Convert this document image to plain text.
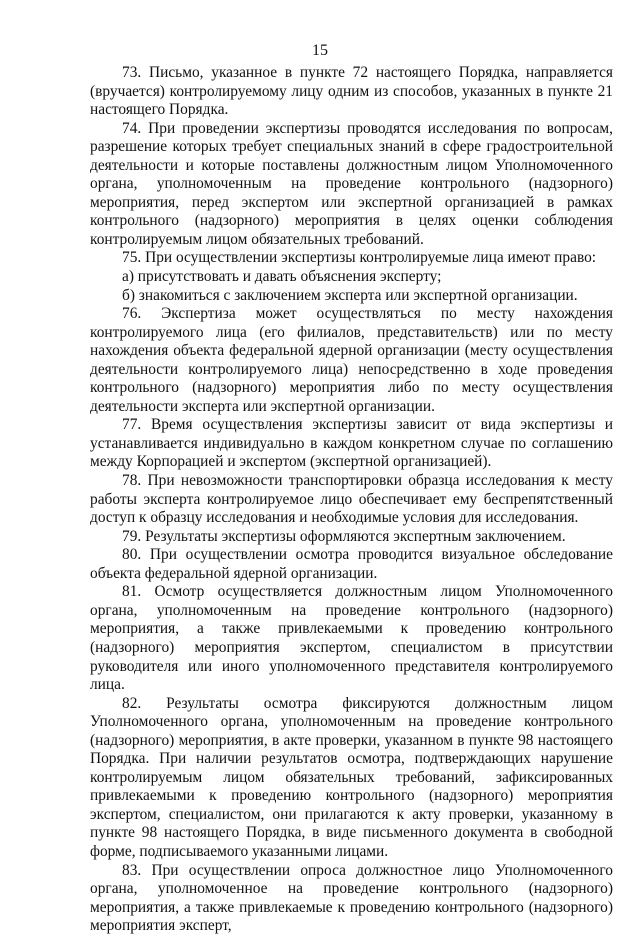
15

73. Письмо, указанное в пункте 72 настоящего Порядка, направляется (вручается) контролируемому лицу одним из способов, указанных в пункте 21 настоящего Порядка.

74. При проведении экспертизы проводятся исследования по вопросам, разрешение которых требует специальных знаний в сфере градостроительной деятельности и которые поставлены должностным лицом Уполномоченного органа, уполномоченным на проведение контрольного (надзорного) мероприятия, перед экспертом или экспертной организацией в рамках контрольного (надзорного) мероприятия в целях оценки соблюдения контролируемым лицом обязательных требований.

75. При осуществлении экспертизы контролируемые лица имеют право:

а) присутствовать и давать объяснения эксперту;

б) знакомиться с заключением эксперта или экспертной организации.

76. Экспертиза может осуществляться по месту нахождения контролируемого лица (его филиалов, представительств) или по месту нахождения объекта федеральной ядерной организации (месту осуществления деятельности контролируемого лица) непосредственно в ходе проведения контрольного (надзорного) мероприятия либо по месту осуществления деятельности эксперта или экспертной организации.

77. Время осуществления экспертизы зависит от вида экспертизы и устанавливается индивидуально в каждом конкретном случае по соглашению между Корпорацией и экспертом (экспертной организацией).

78. При невозможности транспортировки образца исследования к месту работы эксперта контролируемое лицо обеспечивает ему беспрепятственный доступ к образцу исследования и необходимые условия для исследования.

79. Результаты экспертизы оформляются экспертным заключением.

80. При осуществлении осмотра проводится визуальное обследование объекта федеральной ядерной организации.

81. Осмотр осуществляется должностным лицом Уполномоченного органа, уполномоченным на проведение контрольного (надзорного) мероприятия, а также привлекаемыми к проведению контрольного (надзорного) мероприятия экспертом, специалистом в присутствии руководителя или иного уполномоченного представителя контролируемого лица.

82. Результаты осмотра фиксируются должностным лицом Уполномоченного органа, уполномоченным на проведение контрольного (надзорного) мероприятия, в акте проверки, указанном в пункте 98 настоящего Порядка. При наличии результатов осмотра, подтверждающих нарушение контролируемым лицом обязательных требований, зафиксированных привлекаемыми к проведению контрольного (надзорного) мероприятия экспертом, специалистом, они прилагаются к акту проверки, указанному в пункте 98 настоящего Порядка, в виде письменного документа в свободной форме, подписываемого указанными лицами.

83. При осуществлении опроса должностное лицо Уполномоченного органа, уполномоченное на проведение контрольного (надзорного) мероприятия, а также привлекаемые к проведению контрольного (надзорного) мероприятия эксперт,
